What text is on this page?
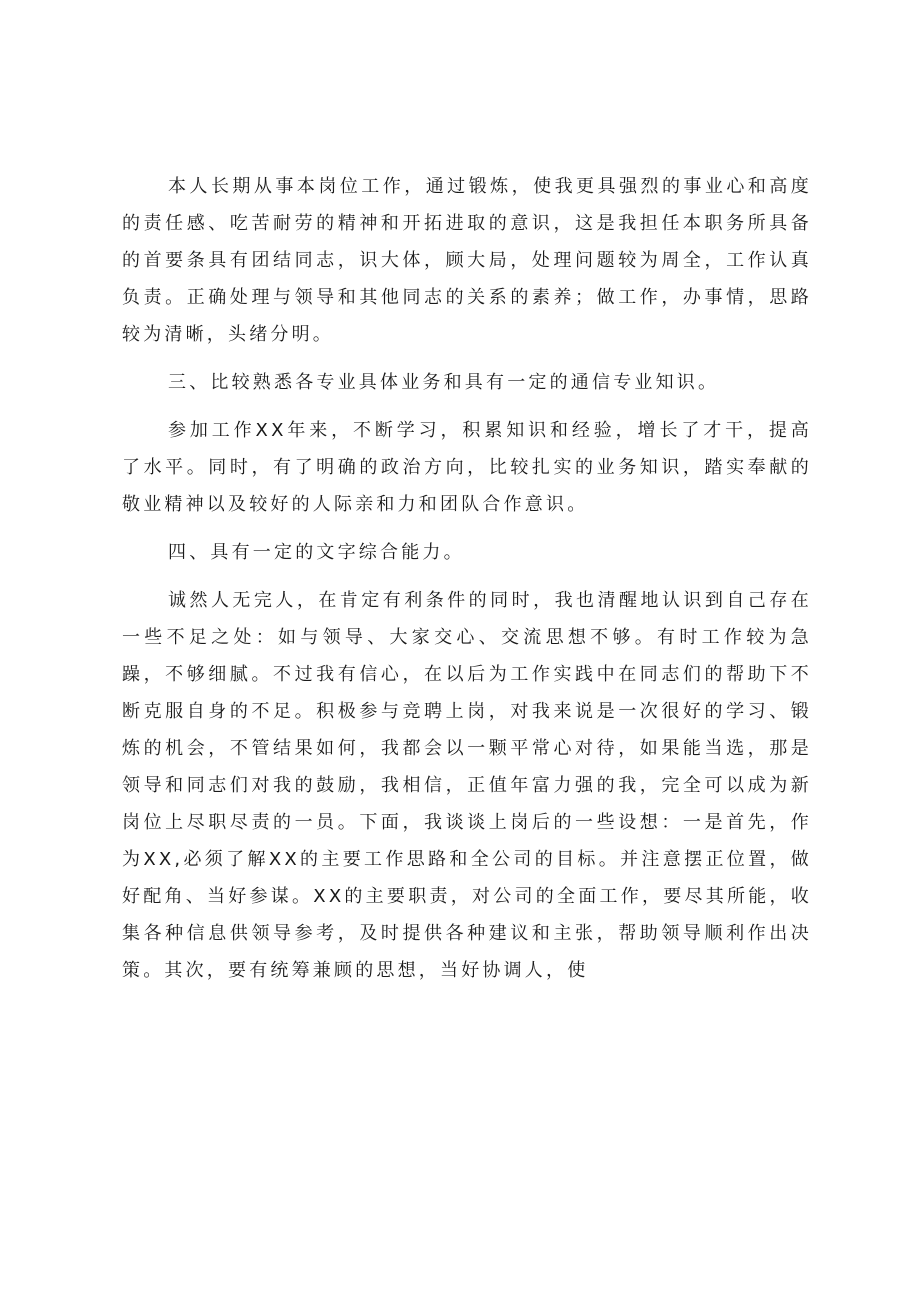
本人长期从事本岗位工作，通过锻炼，使我更具强烈的事业心和高度的责任感、吃苦耐劳的精神和开拓进取的意识，这是我担任本职务所具备的首要条具有团结同志，识大体，顾大局，处理问题较为周全，工作认真负责。正确处理与领导和其他同志的关系的素养；做工作，办事情，思路较为清晰，头绪分明。

三、比较熟悉各专业具体业务和具有一定的通信专业知识。

参加工作XX年来，不断学习，积累知识和经验，增长了才干，提高了水平。同时，有了明确的政治方向，比较扎实的业务知识，踏实奉献的敬业精神以及较好的人际亲和力和团队合作意识。

四、具有一定的文字综合能力。

诚然人无完人，在肯定有利条件的同时，我也清醒地认识到自己存在一些不足之处：如与领导、大家交心、交流思想不够。有时工作较为急躁，不够细腻。不过我有信心，在以后为工作实践中在同志们的帮助下不断克服自身的不足。积极参与竞聘上岗，对我来说是一次很好的学习、锻炼的机会，不管结果如何，我都会以一颗平常心对待，如果能当选，那是领导和同志们对我的鼓励，我相信，正值年富力强的我，完全可以成为新岗位上尽职尽责的一员。下面，我谈谈上岗后的一些设想：一是首先，作为XX,必须了解XX的主要工作思路和全公司的目标。并注意摆正位置，做好配角、当好参谋。XX的主要职责，对公司的全面工作，要尽其所能，收集各种信息供领导参考，及时提供各种建议和主张，帮助领导顺利作出决策。其次，要有统筹兼顾的思想，当好协调人，使
